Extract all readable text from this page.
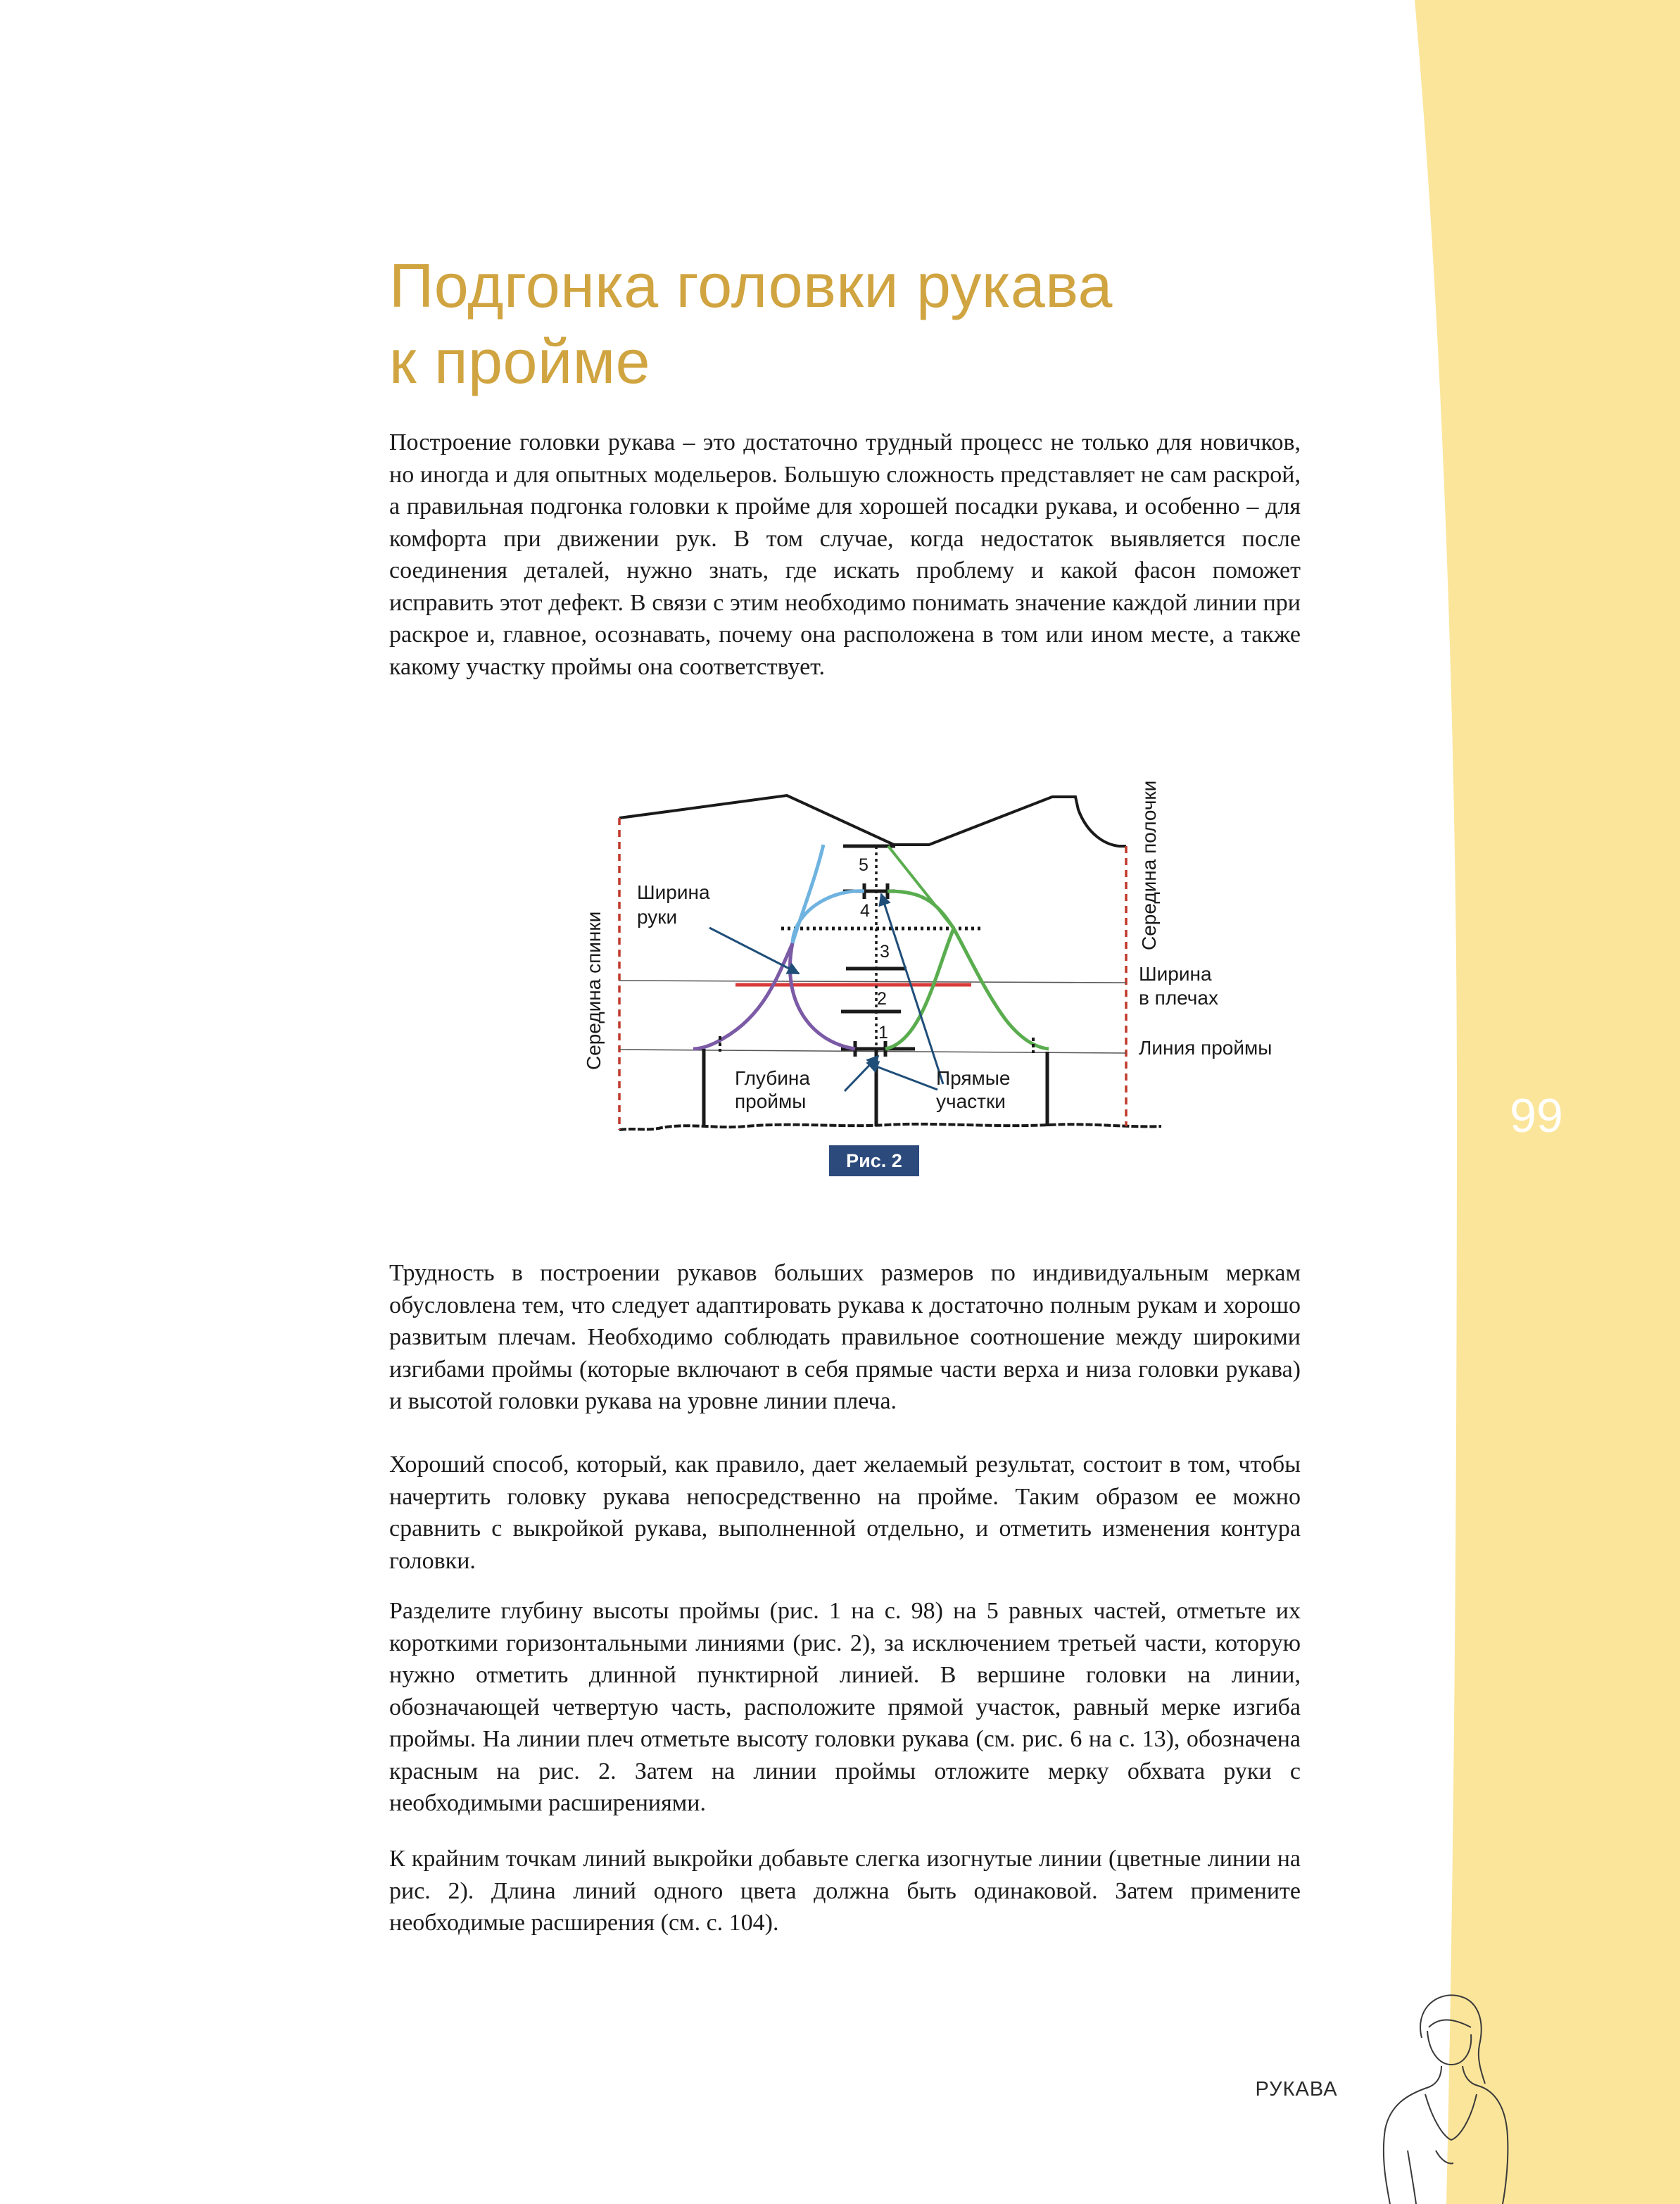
Подгонка головки рукава
к пройме

Построение головки рукава – это достаточно трудный процесс не только для новичков, но иногда и для опытных модельеров. Большую сложность представляет не сам раскрой, а правильная подгонка головки к пройме для хорошей посадки рукава, и особенно – для комфорта при движении рук. В том случае, когда недостаток выявляется после соединения деталей, нужно знать, где искать проблему и какой фасон поможет исправить этот дефект. В связи с этим необходимо понимать значение каждой линии при раскрое и, главное, осознавать, почему она расположена в том или ином месте, а также какому участку проймы она соответствует.

5
4
3
2
1
Ширина
руки
Глубина
проймы
Прямые
участки
Ширина
в плечах
Линия проймы
Середина спинки
Середина полочки
Рис. 2
99

Трудность в построении рукавов больших размеров по индивидуальным меркам обусловлена тем, что следует адаптировать рукава к достаточно полным рукам и хорошо развитым плечам. Необходимо соблюдать правильное соотношение между широкими изгибами проймы (которые включают в себя прямые части верха и низа головки рукава) и высотой головки рукава на уровне линии плеча.

Хороший способ, который, как правило, дает желаемый результат, состоит в том, чтобы начертить головку рукава непосредственно на пройме. Таким образом ее можно сравнить с выкройкой рукава, выполненной отдельно, и отметить изменения контура головки.

Разделите глубину высоты проймы (рис. 1 на с. 98) на 5 равных частей, отметьте их короткими горизонтальными линиями (рис. 2), за исключением третьей части, которую нужно отметить длинной пунктирной линией. В вершине головки на линии, обозначающей четвертую часть, расположите прямой участок, равный мерке изгиба проймы. На линии плеч отметьте высоту головки рукава (см. рис. 6 на с. 13), обозначена красным на рис. 2. Затем на линии проймы отложите мерку обхвата руки с необходимыми расширениями.

К крайним точкам линий выкройки добавьте слегка изогнутые линии (цветные линии на рис. 2). Длина линий одного цвета должна быть одинаковой. Затем примените необходимые расширения (см. с. 104).

РУКАВА
